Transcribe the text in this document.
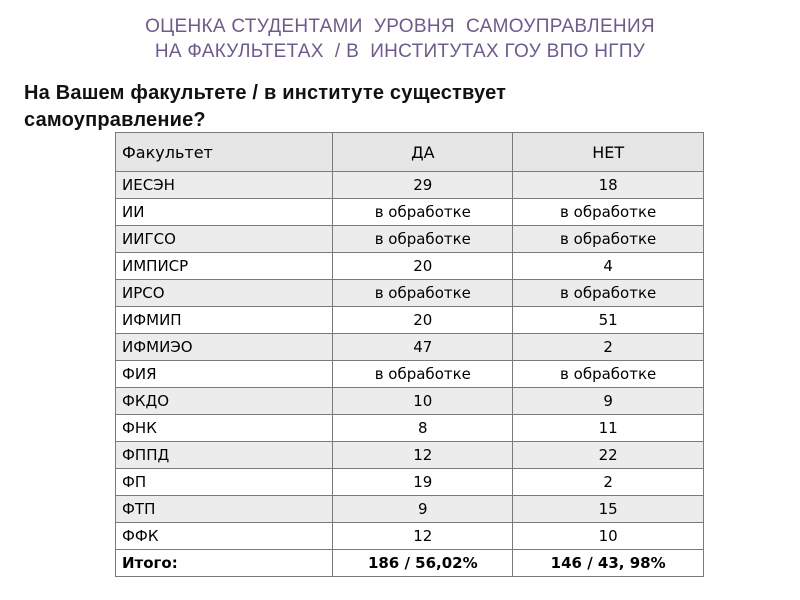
ОЦЕНКА СТУДЕНТАМИ  УРОВНЯ  САМОУПРАВЛЕНИЯ
НА ФАКУЛЬТЕТАХ  / В  ИНСТИТУТАХ ГОУ ВПО НГПУ
На Вашем факультете / в институте существует
самоуправление?
Факультет	ДА	НЕТ
ИЕСЭН	29	18
ИИ	в обработке	в обработке
ИИГСО	в обработке	в обработке
ИМПИСР	20	4
ИРСО	в обработке	в обработке
ИФМИП	20	51
ИФМИЭО	47	2
ФИЯ	в обработке	в обработке
ФКДО	10	9
ФНК	8	11
ФППД	12	22
ФП	19	2
ФТП	9	15
ФФК	12	10
Итого:	186 / 56,02%	146 / 43, 98%
